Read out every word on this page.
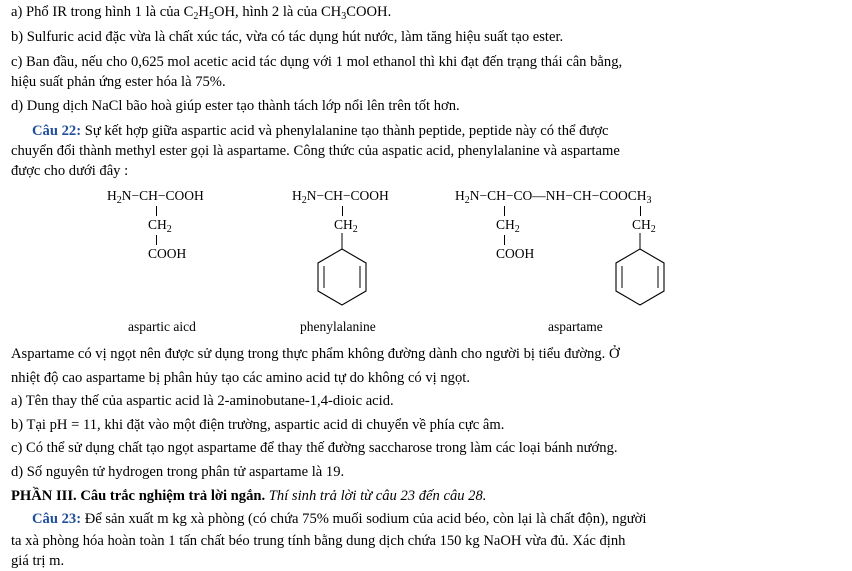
a) Phổ IR trong hình 1 là của $C_2H_5OH$, hình 2 là của $CH_3COOH$.
b) Sulfuric acid đặc vừa là chất xúc tác, vừa có tác dụng hút nước, làm tăng hiệu suất tạo ester.
c) Ban đầu, nếu cho 0,625 mol acetic acid tác dụng với 1 mol ethanol thì khi đạt đến trạng thái cân bằng,
hiệu suất phản ứng ester hóa là 75%.
d) Dung dịch NaCl bão hoà giúp ester tạo thành tách lớp nổi lên trên tốt hơn.
Câu 22: Sự kết hợp giữa aspartic acid và phenylalanine tạo thành peptide, peptide này có thể được
chuyển đổi thành methyl ester gọi là aspartame. Công thức của aspatic acid, phenylalanine và aspartame
được cho dưới đây :
$H_2N-CH-COOH$
$CH_2$
COOH
aspartic aicd
$H_2N-CH-COOH$
$CH_2$
phenylalanine
$H_2N-CH-CO—NH-CH-COOCH_3$
$CH_2$
COOH
$CH_2$
aspartame
Aspartame có vị ngọt nên được sử dụng trong thực phẩm không đường dành cho người bị tiểu đường. Ở
nhiệt độ cao aspartame bị phân hủy tạo các amino acid tự do không có vị ngọt.
a) Tên thay thế của aspartic acid là 2-aminobutane-1,4-dioic acid.
b) Tại pH = 11, khi đặt vào một điện trường, aspartic acid di chuyển về phía cực âm.
c) Có thể sử dụng chất tạo ngọt aspartame để thay thế đường saccharose trong làm các loại bánh nướng.
d) Số nguyên tử hydrogen trong phân tử aspartame là 19.
PHẦN III. Câu trắc nghiệm trả lời ngắn. Thí sinh trả lời từ câu 23 đến câu 28.
Câu 23: Để sản xuất m kg xà phòng (có chứa 75% muối sodium của acid béo, còn lại là chất độn), người
ta xà phòng hóa hoàn toàn 1 tấn chất béo trung tính bằng dung dịch chứa 150 kg NaOH vừa đủ. Xác định
giá trị m.
